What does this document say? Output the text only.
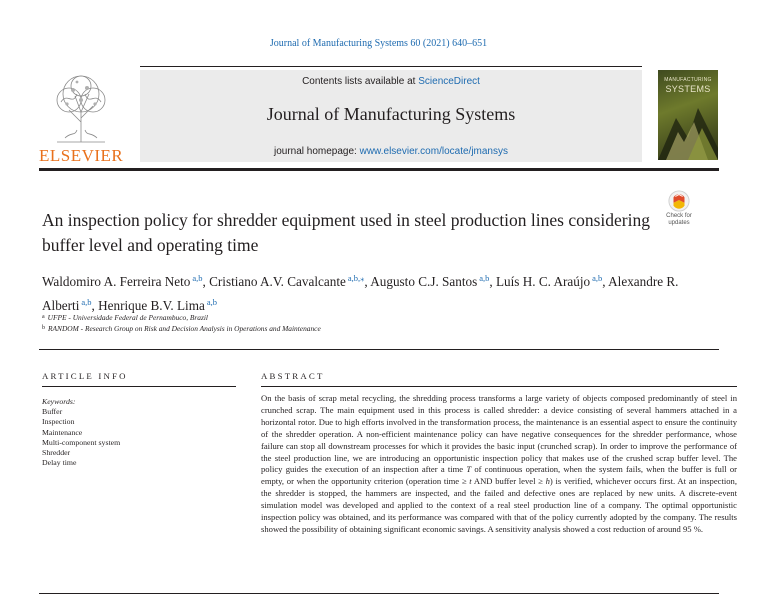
Journal of Manufacturing Systems 60 (2021) 640–651
ELSEVIER
Contents lists available at ScienceDirect
Journal of Manufacturing Systems
journal homepage: www.elsevier.com/locate/jmansys
MANUFACTURING
SYSTEMS
Check for
updates
An inspection policy for shredder equipment used in steel production lines considering buffer level and operating time
Waldomiro A. Ferreira Neto $^{a,b}$, Cristiano A.V. Cavalcante $^{a,b,⁎}$, Augusto C.J. Santos $^{a,b}$, Luís H. C. Araújo $^{a,b}$, Alexandre R. Alberti $^{a,b}$, Henrique B.V. Lima $^{a,b}$
$^a$ UFPE - Universidade Federal de Pernambuco, Brazil
$^b$ RANDOM - Research Group on Risk and Decision Analysis in Operations and Maintenance
ARTICLE INFO
Keywords:
Buffer
Inspection
Maintenance
Multi-component system
Shredder
Delay time
ABSTRACT
On the basis of scrap metal recycling, the shredding process transforms a large variety of objects composed predominantly of steel in crunched scrap. The main equipment used in this process is called shredder: a device consisting of several hammers attached in a horizontal rotor. Due to high efforts involved in the transformation process, the maintenance is an essential aspect to ensure the continuity of the shredder operation. A non-efficient maintenance policy can have negative consequences for the shredder performance, whose failure can stop all downstream processes for which it provides the basic input (crunched scrap). In order to improve the performance of the steel production line, we are introducing an opportunistic inspection policy that makes use of the crushed scrap buffer level. The policy guides the execution of an inspection after a time T of continuous operation, when the system fails, when the buffer is full or empty, or when the opportunity criterion (operation time ≥ t AND buffer level ≥ h) is verified, whichever occurs first. At an inspection, the shredder is stopped, the hammers are inspected, and the failed and defective ones are replaced by new units. A discrete-event simulation model was developed and applied to the context of a real steel production line of a company. The optimal opportunistic inspection policy was obtained, and its performance was compared with that of the policy currently adopted by the company. The results showed the possibility of obtaining significant economic savings. A sensitivity analysis showed a cost reduction of around 95 %.
